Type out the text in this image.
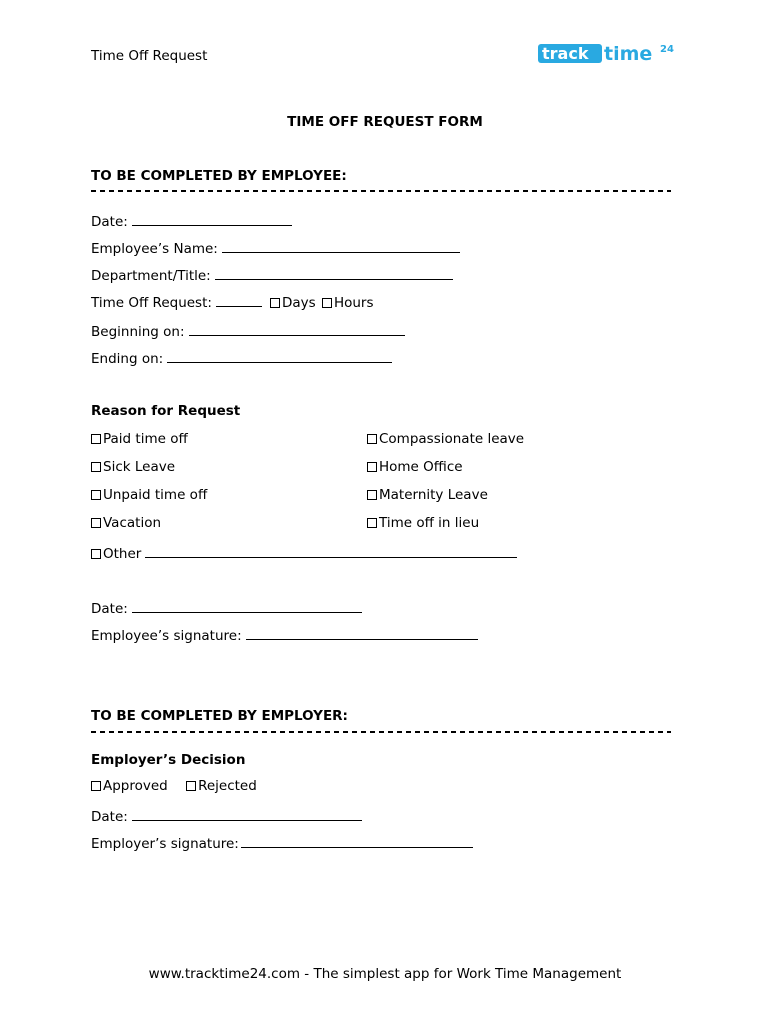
Time Off Request	track time 24
TIME OFF REQUEST FORM
TO BE COMPLETED BY EMPLOYEE:
Date:
Employee’s Name:
Department/Title:
Time Off Request:	Days Hours
Beginning on:
Ending on:
Reason for Request
Paid time off
Sick Leave
Unpaid time off
Vacation
Compassionate leave
Home Office
Maternity Leave
Time off in lieu
Other
Date:
Employee’s signature:
TO BE COMPLETED BY EMPLOYER:
Employer’s Decision
Approved Rejected
Date:
Employer’s signature:
www.tracktime24.com - The simplest app for Work Time Management
